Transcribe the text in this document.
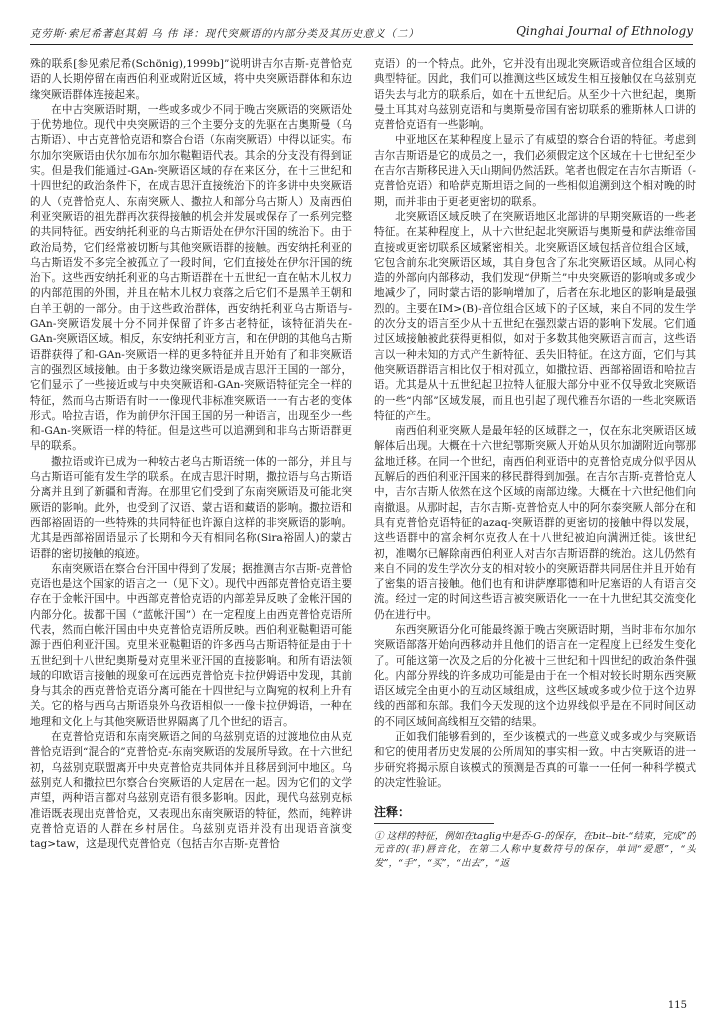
克劳斯·索尼希著赵其娟 乌 伟 译：现代突厥语的内部分类及其历史意义（二）	Qinghai Journal of Ethnology

殊的联系[参见索尼希(Schönig),1999b]”说明讲吉尔吉斯-克普恰克语的人长期停留在南西伯利亚或附近区域，将中央突厥语群体和东边缘突厥语群体连接起来。

在中古突厥语时期，一些或多或少不同于晚古突厥语的突厥语处于优势地位。现代中央突厥语的三个主要分支的先驱在古奥斯曼（乌古斯语）、中古克普恰克语和察合台语（东南突厥语）中得以证实。布尔加尔突厥语由伏尔加布尔加尔鞑靼语代表。其余的分支没有得到证实。但是我们能通过-GAn-突厥语区域的存在来区分，在十三世纪和十四世纪的政治条件下，在成吉思汗直接统治下的许多讲中央突厥语的人（克普恰克人、东南突厥人、撒拉人和部分乌古斯人）及南西伯利亚突厥语的祖先群再次获得接触的机会并发展或保存了一系列完整的共同特征。西安纳托利亚的乌古斯语处在伊尔汗国的统治下。由于政治局势，它们经常被切断与其他突厥语群的接触。西安纳托利亚的乌古斯语发不多完全被孤立了一段时间，它们直接处在伊尔汗国的统治下。这些西安纳托利亚的乌古斯语群在十五世纪一直在帖木儿权力的内部范围的外围，并且在帖木儿权力衰落之后它们不是黑羊王朝和白羊王朝的一部分。由于这些政治群体，西安纳托利亚乌古斯语与-GAn-突厥语发展十分不同并保留了许多古老特征，该特征消失在-GAn-突厥语区域。相反，东安纳托利亚方言，和在伊朗的其他乌古斯语群获得了和-GAn-突厥语一样的更多特征并且开始有了和非突厥语言的强烈区域接触。由于多数边缘突厥语是成吉思汗王国的一部分，它们显示了一些接近或与中央突厥语和-GAn-突厥语特征完全一样的特征，然而乌古斯语有时一一像现代非标准突厥语一一有古老的变体形式。哈拉吉语，作为前伊尔汗国王国的另一种语言，出现至少一些和-GAn-突厥语一样的特征。但是这些可以追溯到和非乌古斯语群更早的联系。

撒拉语或许已成为一种较古老乌古斯语统一体的一部分，并且与乌古斯语可能有发生学的联系。在成吉思汗时期，撒拉语与乌古斯语分离并且到了新疆和青海。在那里它们受到了东南突厥语及可能北突厥语的影响。此外，也受到了汉语、蒙古语和藏语的影响。撒拉语和西部裕固语的一些特殊的共同特征也许源自这样的非突厥语的影响。尤其是西部裕固语显示了长期和今天有相同名称(Sira裕固人)的蒙古语群的密切接触的痕迹。

东南突厥语在察合台汗国中得到了发展；据推测吉尔吉斯-克普恰克语也是这个国家的语言之一（见下文）。现代中西部克普恰克语主要存在于金帐汗国中。中西部克普恰克语的内部差异反映了金帐汗国的内部分化。拔都干国（“蓝帐汗国”）在一定程度上由西克普恰克语所代表，然而白帐汗国由中央克普恰克语所反映。西伯利亚鞑靼语可能源于西伯利亚汗国。克里米亚鞑靼语的许多西乌古斯语特征是由于十五世纪到十八世纪奥斯曼对克里米亚汗国的直接影响。和所有语法领域的印欧语言接触的现象可在远西克普恰克卡拉伊姆语中发现，其前身与其余的西克普恰克语分离可能在十四世纪与立陶宛的权利上升有关。它的格与西乌古斯语泉外乌孜语相似一一像卡拉伊姆语，一种在地理和文化上与其他突厥语世界隔离了几个世纪的语言。

在克普恰克语和东南突厥语之间的乌兹别克语的过渡地位由从克普恰克语到“混合的”克普恰克-东南突厥语的发展所导致。在十六世纪初，乌兹别克联盟离开中央克普恰克共同体并且移居到河中地区。乌兹别克人和撒拉巴尔察合台突厥语的人定居在一起。因为它们的文学声望，两种语言都对乌兹别克语有很多影响。因此，现代乌兹别克标准语既表现出克普恰克，又表现出东南突厥语的特征，然而，纯粹讲克普恰克语的人群在乡村居住。乌兹别克语并没有出现语音演变tag>taw，这是现代克普恰克（包括吉尔吉斯-克普恰

克语）的一个特点。此外，它并没有出现北突厥语或音位组合区域的典型特征。因此，我们可以推测这些区域发生相互接触仅在乌兹别克语失去与北方的联系后，如在十五世纪后。从至少十六世纪起，奥斯曼土耳其对乌兹别克语和与奥斯曼帝国有密切联系的雅斯林人口讲的克普恰克语有一些影响。

中亚地区在某种程度上显示了有威望的察合台语的特征。考虑到吉尔吉斯语是它的成员之一，我们必须假定这个区域在十七世纪至少在吉尔吉斯移民进入天山期间仍然活跃。笔者也假定在吉尔吉斯语（-克普恰克语）和哈萨克斯坦语之间的一些相似追溯到这个相对晚的时期，而并非由于更老更密切的联系。

北突厥语区域反映了在突厥语地区北部讲的早期突厥语的一些老特征。在某种程度上，从十六世纪起北突厥语与奥斯曼和萨法维帝国直接或更密切联系区域紧密相关。北突厥语区域包括音位组合区域，它包含前东北突厥语区域，其自身包含了东北突厥语区域。从同心构造的外部向内部移动，我们发现“伊斯兰”中央突厥语的影响或多或少地减少了，同时蒙古语的影响增加了，后者在东北地区的影响是最强烈的。主要在IM>(B)-音位组合区域下的子区域，来自不同的发生学的次分支的语言至少从十五世纪在强烈蒙古语的影响下发展。它们通过区域接触被此获得更相似，如对于多数其他突厥语言而言，这些语言以一种未知的方式产生新特征、丢失旧特征。在这方面，它们与其他突厥语群语言相比仅于相对孤立，如撒拉语、西部裕固语和哈拉吉语。尤其是从十五世纪起卫拉特人征服大部分中亚不仅导致北突厥语的一些“内部”区域发展，而且也引起了现代雅吾尔语的一些北突厥语特征的产生。

南西伯利亚突厥人是最年轻的区域群之一，仅在东北突厥语区域解体后出现。大概在十六世纪鄂斯突厥人开始从贝尔加湖附近向鄂那盆地迁移。在同一个世纪，南西伯利亚语中的克普恰克成分似乎因从瓦解后的西伯利亚汗国来的移民群得到加强。在吉尔吉斯-克普恰克人中，吉尔吉斯人依然在这个区域的南部边缘。大概在十六世纪他们向南撤退。从那时起，吉尔吉斯-克普恰克人中的阿尔泰突厥人部分在和具有克普恰克语特征的azaq-突厥语群的更密切的接触中得以发展，这些语群中的富余柯尔克孜人在十八世纪被迫向满洲迁徙。该世纪初，准噶尔已解除南西伯利亚人对吉尔吉斯语群的统治。这儿仍然有来自不同的发生学次分支的相对较小的突厥语群共同居住并且开始有了密集的语言接触。他们也有和讲萨摩耶德和叶尼塞语的人有语言交流。经过一定的时间这些语言被突厥语化一一在十九世纪其交流变化仍在进行中。

东西突厥语分化可能最终源于晚古突厥语时期，当时非布尔加尔突厥语部落开始向西移动并且他们的语言在一定程度上已经发生变化了。可能这第一次及之后的分化被十三世纪和十四世纪的政治条件强化。内部分界线的许多成功可能是由于在一个相对较长时期东西突厥语区域完全由更小的互动区域组成，这些区域或多或少位于这个边界线的西部和东部。我们今天发现的这个边界线似乎是在不同时间区动的不同区域间高线相互交错的结果。

正如我们能够看到的，至少该模式的一些意义或多或少与突厥语和它的使用者历史发展的公所周知的事实相一致。中古突厥语的进一步研究将揭示原自该模式的预测是否真的可靠一一任何一种科学模式的决定性验证。

注释：
① 这样的特征，例如在taglig中是否-G-的保存，在bit--bit-“结束，完成”的元音的(非)唇音化，在第二人称中复数符号的保存，单词“爱愿”，“头发”，“手”，“买”，“出去”，“返
115
